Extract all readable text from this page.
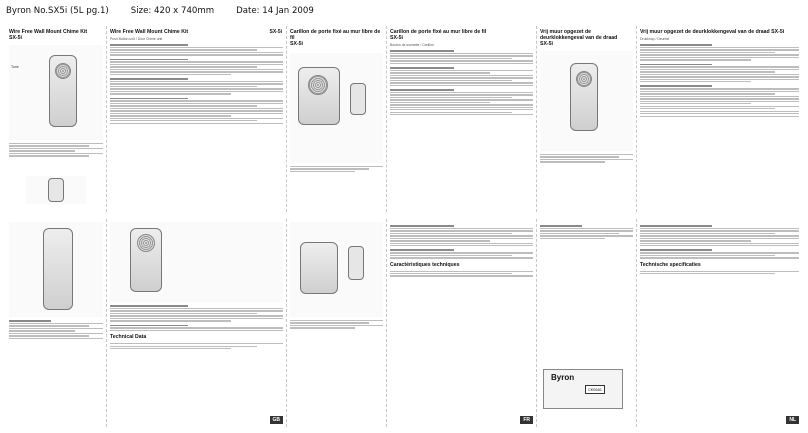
Byron No.SX5i (5L pg.1)	Size: 420 x 740mm	Date: 14 Jan 2009
Wire Free Wall Mount Chime Kit
SX-5i
Tone
Wire Free Wall Mount Chime Kit	SX-5i
Push Button unit / Door Chime unit
Carillon de porte fixé au mur libre de fil
SX-5i
Carillon de porte fixé au mur libre de fil
SX-5i
Bouton de sonnette / Carillon
Vrij muur opgezet de deurklokkengeval van de draad
SX-5i
Vrij muur opgezet de deurklokkengeval van de draad SX-5i
Drukknop / Deurbel
Technical Data
GB
Caractéristiques techniques
FR
Byron
C€0681
Technische specificaties
NL
